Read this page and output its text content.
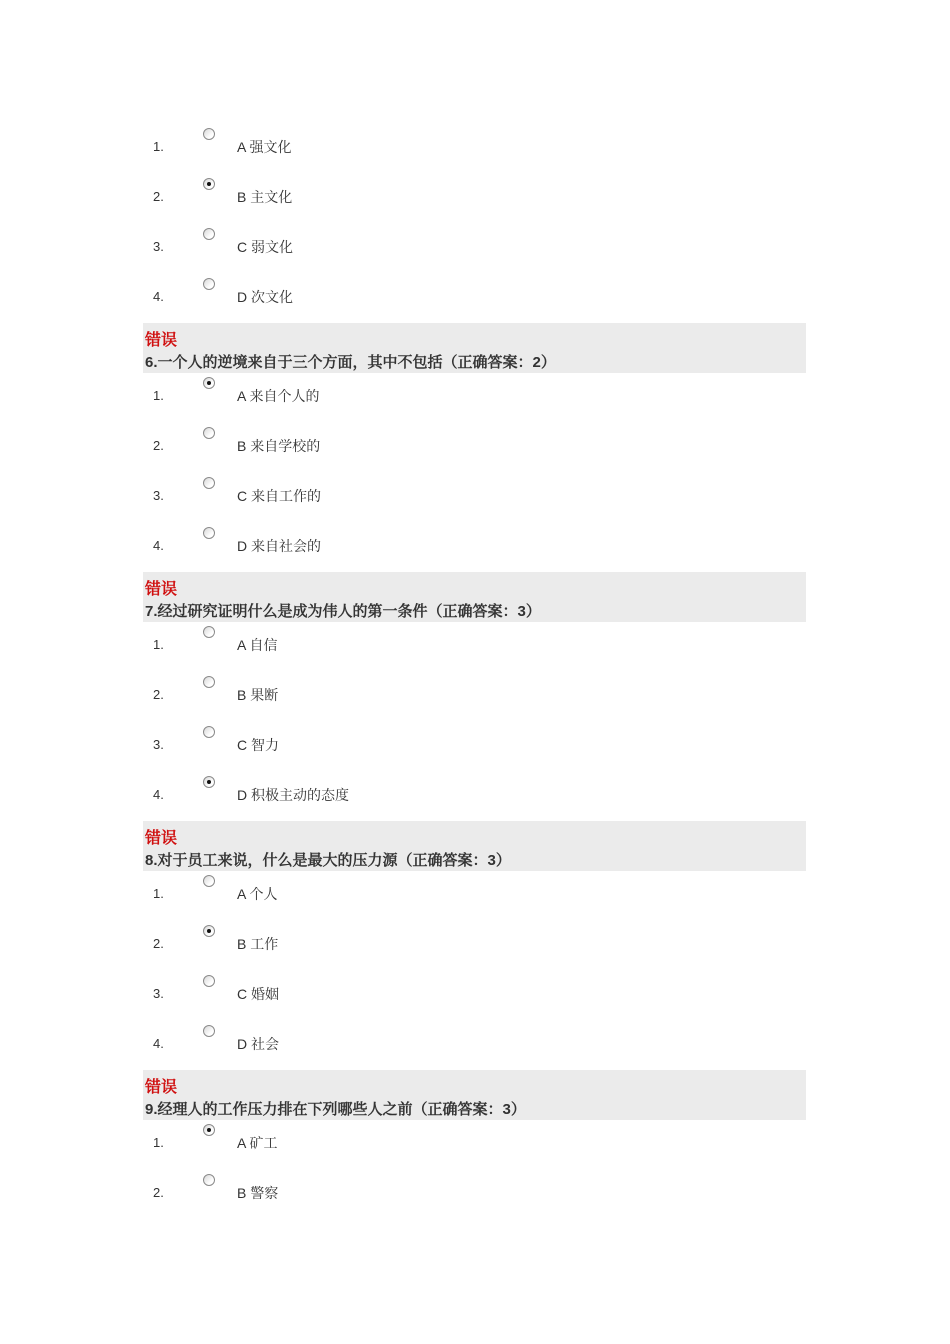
1.	A 强文化
2.	B 主文化
3.	C 弱文化
4.	D 次文化
错误
6.一个人的逆境来自于三个方面，其中不包括（正确答案：2）
1.	A 来自个人的
2.	B 来自学校的
3.	C 来自工作的
4.	D 来自社会的
错误
7.经过研究证明什么是成为伟人的第一条件（正确答案：3）
1.	A 自信
2.	B 果断
3.	C 智力
4.	D 积极主动的态度
错误
8.对于员工来说，什么是最大的压力源（正确答案：3）
1.	A 个人
2.	B 工作
3.	C 婚姻
4.	D 社会
错误
9.经理人的工作压力排在下列哪些人之前（正确答案：3）
1.	A 矿工
2.	B 警察
